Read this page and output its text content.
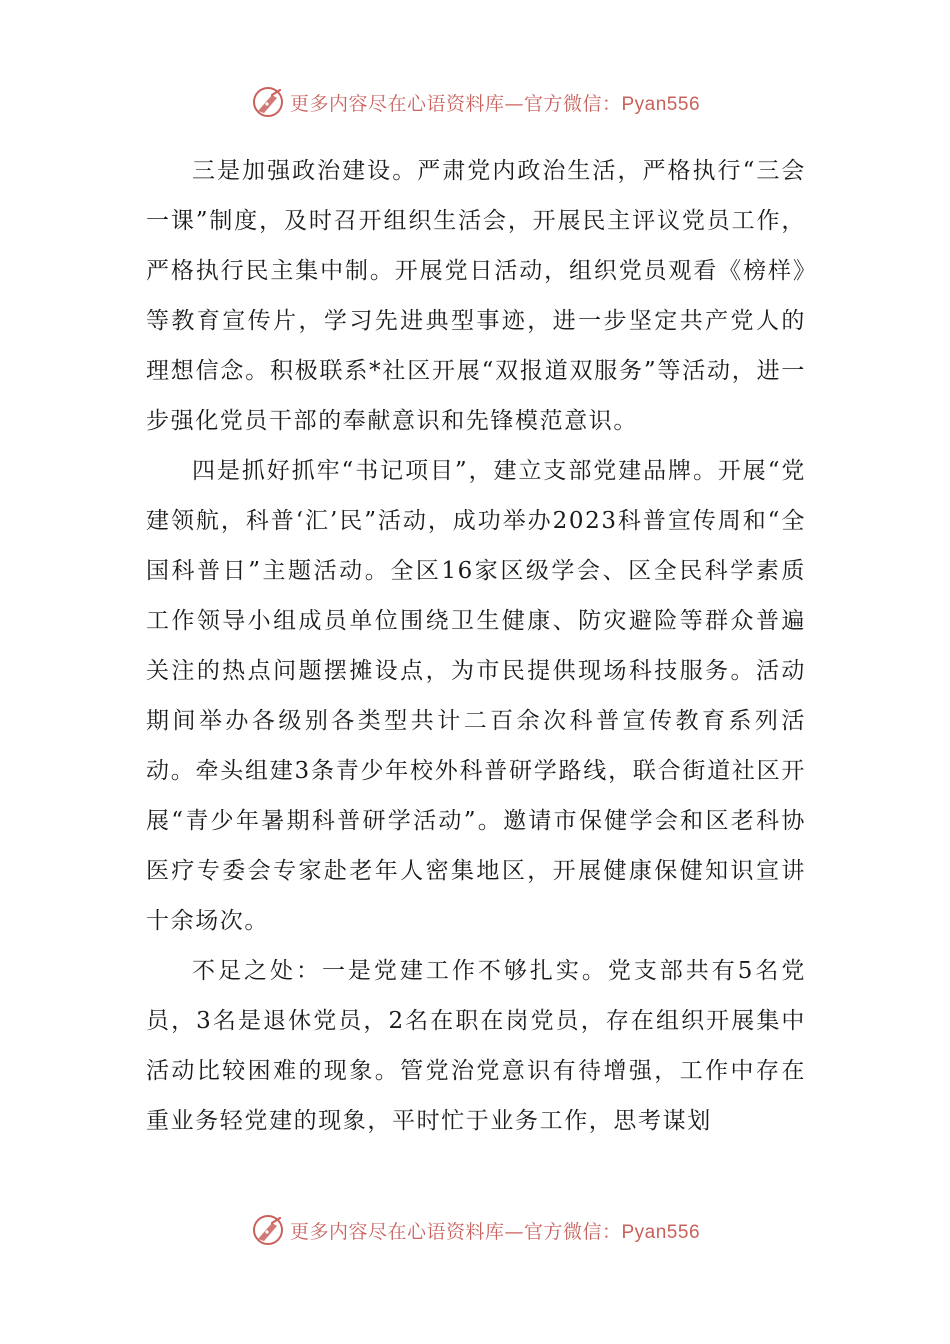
更多内容尽在心语资料库—官方微信：Pyan556

三是加强政治建设。严肃党内政治生活，严格执行“三会一课”制度，及时召开组织生活会，开展民主评议党员工作，严格执行民主集中制。开展党日活动，组织党员观看《榜样》等教育宣传片，学习先进典型事迹，进一步坚定共产党人的理想信念。积极联系*社区开展“双报道双服务”等活动，进一步强化党员干部的奉献意识和先锋模范意识。

四是抓好抓牢“书记项目”，建立支部党建品牌。开展“党建领航，科普‘汇’民”活动，成功举办2023科普宣传周和“全国科普日”主题活动。全区16家区级学会、区全民科学素质工作领导小组成员单位围绕卫生健康、防灾避险等群众普遍关注的热点问题摆摊设点，为市民提供现场科技服务。活动期间举办各级别各类型共计二百余次科普宣传教育系列活动。牵头组建3条青少年校外科普研学路线，联合街道社区开展“青少年暑期科普研学活动”。邀请市保健学会和区老科协医疗专委会专家赴老年人密集地区，开展健康保健知识宣讲十余场次。

不足之处：一是党建工作不够扎实。党支部共有5名党员，3名是退休党员，2名在职在岗党员，存在组织开展集中活动比较困难的现象。管党治党意识有待增强，工作中存在重业务轻党建的现象，平时忙于业务工作，思考谋划

更多内容尽在心语资料库—官方微信：Pyan556
